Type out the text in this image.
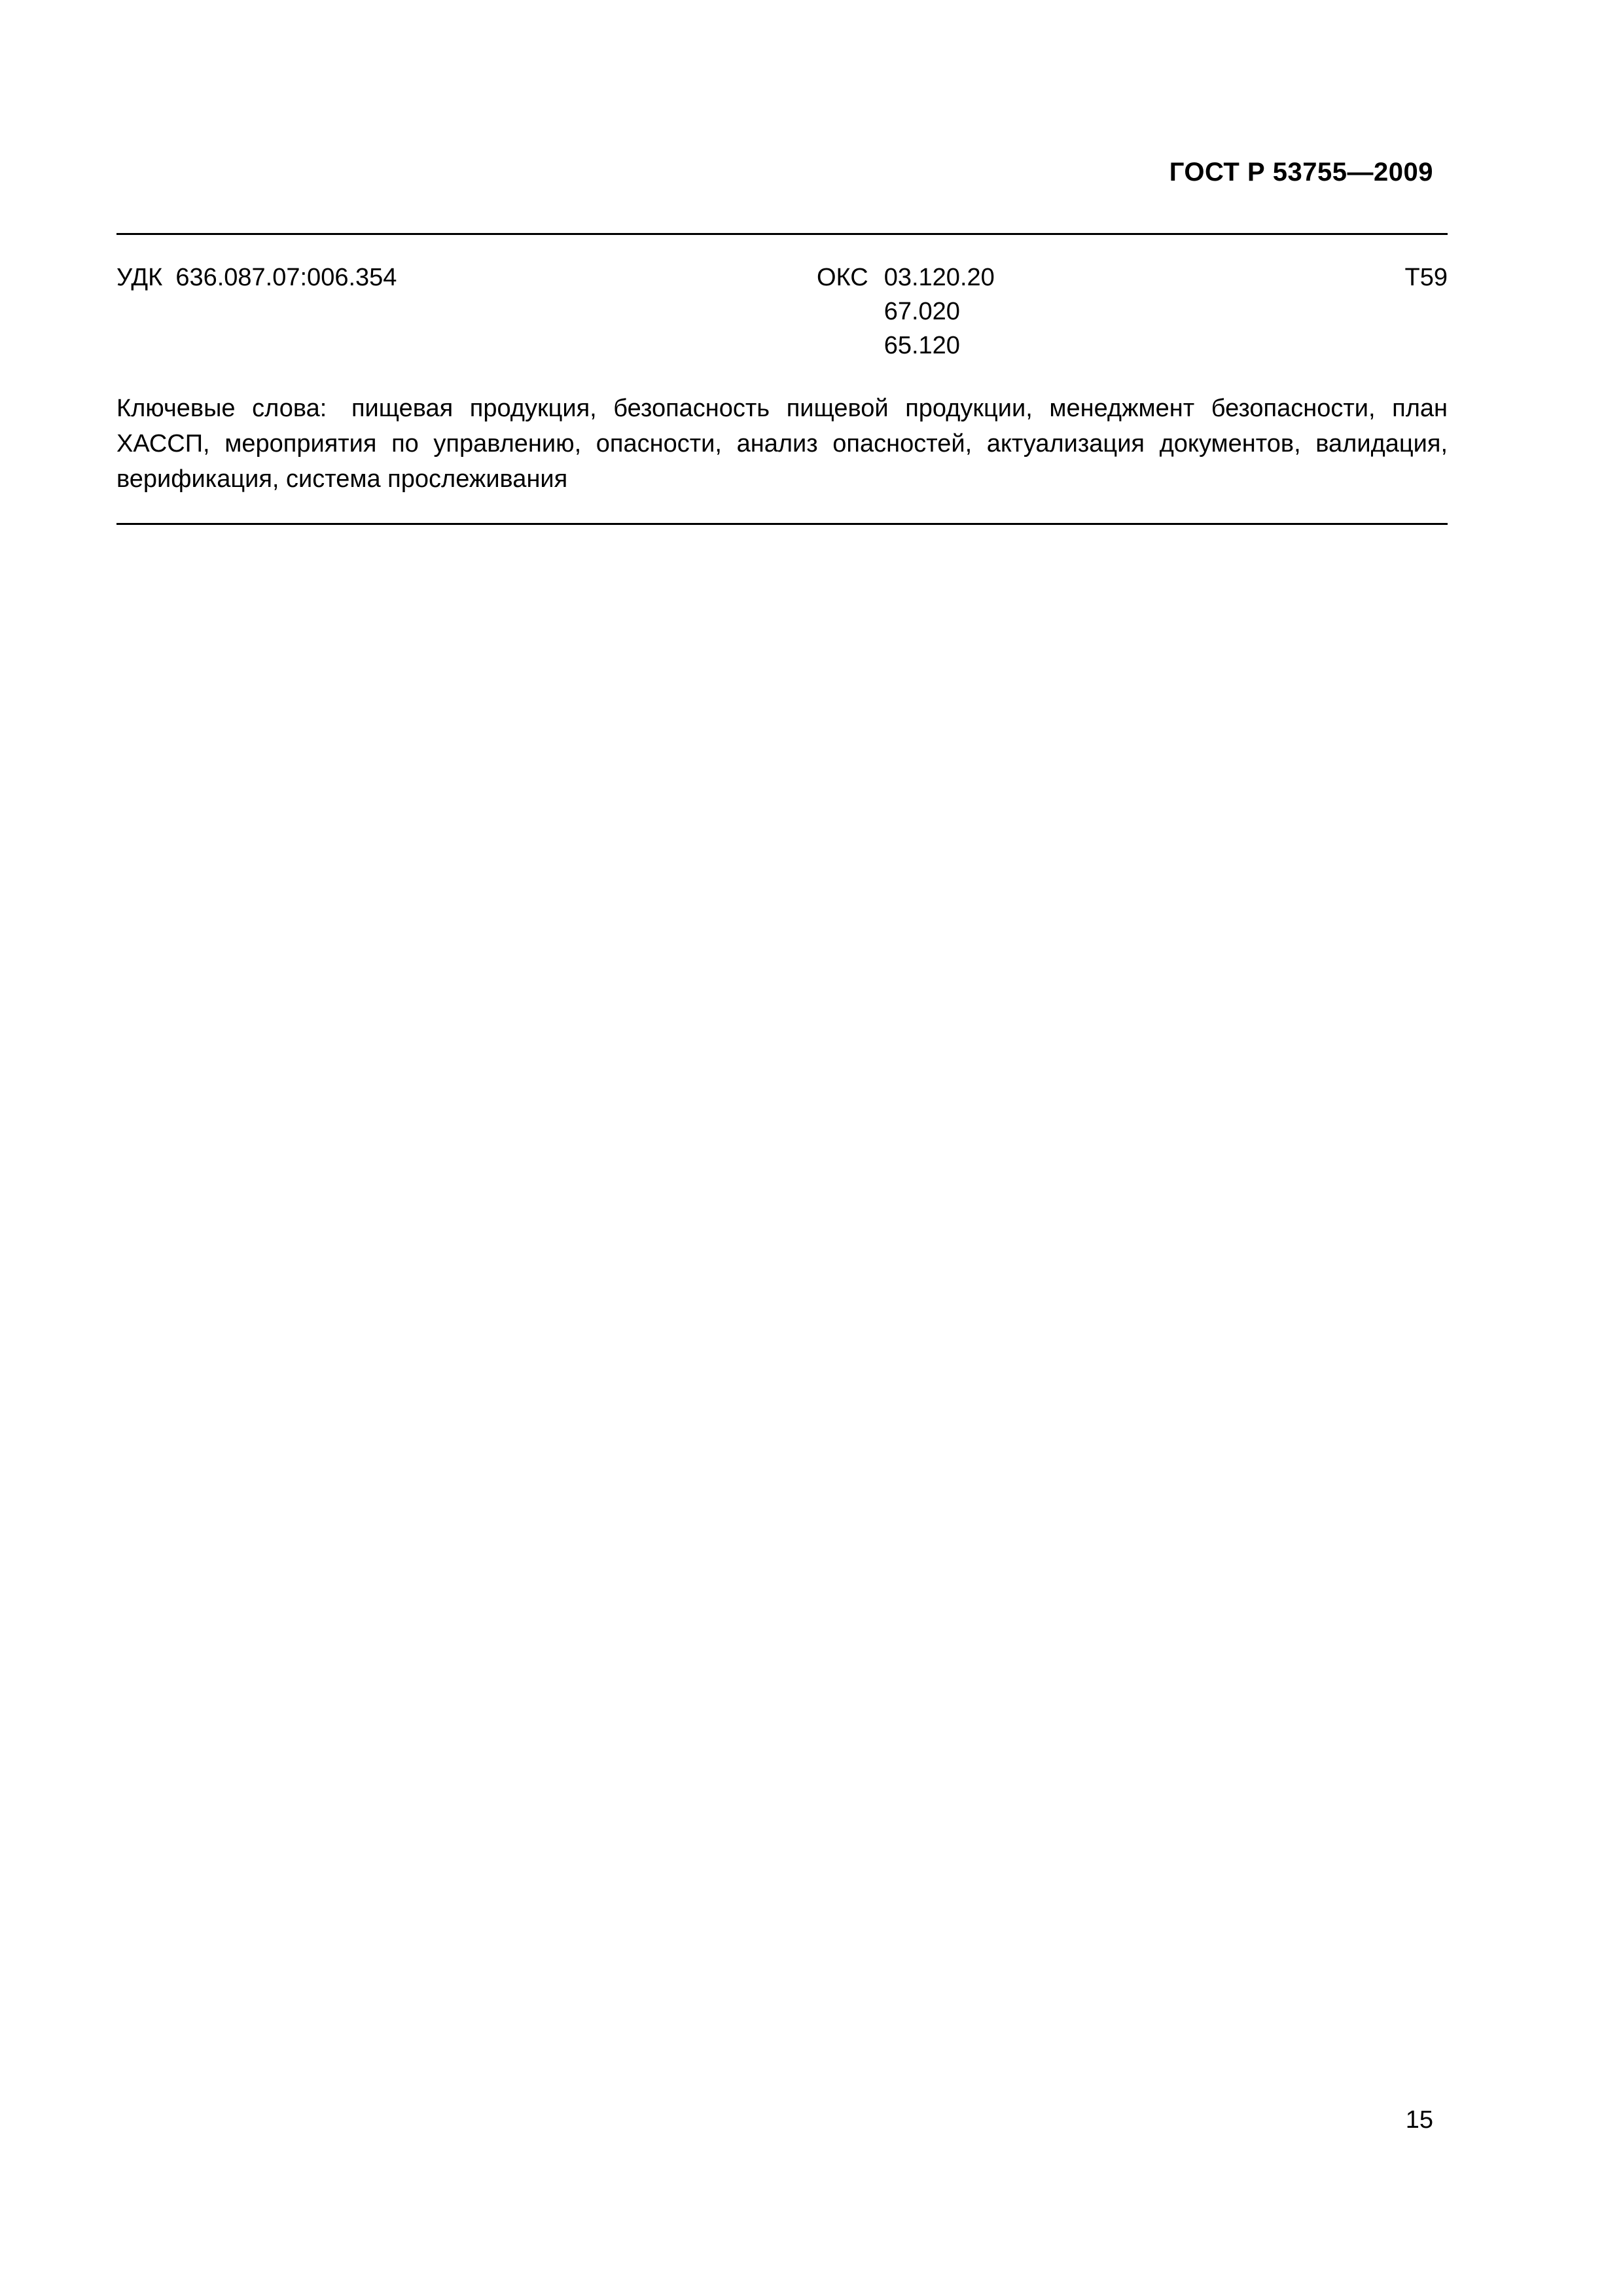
ГОСТ Р 53755—2009
УДК 636.087.07:006.354	ОКС 03.120.20
67.020
65.120
Т59
Ключевые слова: пищевая продукция, безопасность пищевой продукции, менеджмент безопасности, план ХАССП, мероприятия по управлению, опасности, анализ опасностей, актуализация документов, валидация, верификация, система прослеживания
15
